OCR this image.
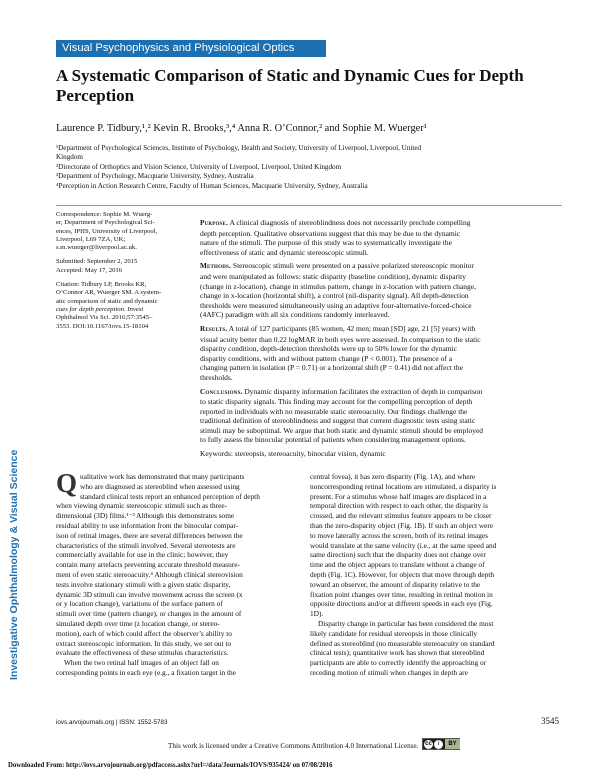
Visual Psychophysics and Physiological Optics
A Systematic Comparison of Static and Dynamic Cues for Depth Perception
Laurence P. Tidbury,¹,² Kevin R. Brooks,³,⁴ Anna R. O’Connor,² and Sophie M. Wuerger¹
¹Department of Psychological Sciences, Institute of Psychology, Health and Society, University of Liverpool, Liverpool, United
Kingdom
²Directorate of Orthoptics and Vision Science, University of Liverpool, Liverpool, United Kingdom
³Department of Psychology, Macquarie University, Sydney, Australia
⁴Perception in Action Research Centre, Faculty of Human Sciences, Macquarie University, Sydney, Australia
Correspondence: Sophie M. Wuerg-
er, Department of Psychological Sci-
ences, IPHS, University of Liverpool,
Liverpool, L69 7ZA, UK;
s.m.wuerger@liverpool.ac.uk.
Submitted: September 2, 2015
Accepted: May 17, 2016
Citation: Tidbury LP, Brooks KR,
O’Connor AR, Wuerger SM. A system-
atic comparison of static and dynamic
cues for depth perception. Invest
Ophthalmol Vis Sci. 2016;57:3545–
3553. DOI:10.1167/iovs.15-18104

Purpose. A clinical diagnosis of stereoblindness does not necessarily preclude compelling
depth perception. Qualitative observations suggest that this may be due to the dynamic
nature of the stimuli. The purpose of this study was to systematically investigate the
effectiveness of static and dynamic stereoscopic stimuli.

Methods. Stereoscopic stimuli were presented on a passive polarized stereoscopic monitor
and were manipulated as follows: static disparity (baseline condition), dynamic disparity
(change in z-location), change in stimulus pattern, change in z-location with pattern change,
change in x-location (horizontal shift), a control (nil-disparity signal). All depth-detection
thresholds were measured simultaneously using an adaptive four-alternative-forced-choice
(4AFC) paradigm with all six conditions randomly interleaved.

Results. A total of 127 participants (85 women, 42 men; mean [SD] age, 21 [5] years) with
visual acuity better than 0.22 logMAR in both eyes were assessed. In comparison to the static
disparity condition, depth-detection thresholds were up to 50% lower for the dynamic
disparity conditions, with and without pattern change (P < 0.001). The presence of a
changing pattern in isolation (P = 0.71) or a horizontal shift (P = 0.41) did not affect the
thresholds.

Conclusions. Dynamic disparity information facilitates the extraction of depth in comparison
to static disparity signals. This finding may account for the compelling perception of depth
reported in individuals with no measurable static stereoacuity. Our findings challenge the
traditional definition of stereoblindness and suggest that current diagnostic tests using static
stimuli may be suboptimal. We argue that both static and dynamic stimuli should be employed
to fully assess the binocular potential of patients when considering management options.

Keywords: stereopsis, stereoacuity, binocular vision, dynamic

Investigative Ophthalmology & Visual Science Q ualitative work has demonstrated that many participants
who are diagnosed as stereoblind when assessed using
standard clinical tests report an enhanced perception of depth
when viewing dynamic stereoscopic stimuli such as three-
dimensional (3D) films.¹⁻³ Although this demonstrates some
residual ability to use information from the binocular compar-
ison of retinal images, there are several differences between the
characteristics of the stimuli involved. Several stereotests are
commercially available for use in the clinic; however, they
contain many artefacts preventing accurate threshold measure-
ment of even static stereoacuity.⁴ Although clinical stereovision
tests involve stationary stimuli with a given static disparity,
dynamic 3D stimuli can involve movement across the screen (x
or y location change), variations of the surface pattern of
stimuli over time (pattern change), or changes in the amount of
simulated depth over time (z location change, or stereo-
motion), each of which could affect the observer’s ability to
extract stereoscopic information. In this study, we set out to
evaluate the effectiveness of these stimulus characteristics.
When the two retinal half images of an object fall on
corresponding points in each eye (e.g., a fixation target in the
central fovea), it has zero disparity (Fig. 1A), and where
noncorresponding retinal locations are stimulated, a disparity is
present. For a stimulus whose half images are displaced in a
temporal direction with respect to each other, the disparity is
crossed, and the relevant stimulus feature appears to be closer
than the zero-disparity object (Fig. 1B). If such an object were
to move laterally across the screen, both of its retinal images
would translate at the same velocity (i.e., at the same speed and
same direction) such that the disparity does not change over
time and the object appears to translate without a change of
depth (Fig. 1C). However, for objects that move through depth
toward an observer, the amount of disparity relative to the
fixation point changes over time, resulting in retinal motion in
opposite directions and/or at different speeds in each eye (Fig.
1D).
Disparity change in particular has been considered the most
likely candidate for residual stereopsis in those clinically
defined as stereoblind (no measurable stereoacuity on standard
clinical tests); quantitative work has shown that stereoblind
participants are able to correctly identify the approaching or
receding motion of stimuli when changes in depth are
iovs.arvojournals.org | ISSN: 1552-5783	3545
This work is licensed under a Creative Commons Attribution 4.0 International License. cc i	BY
Downloaded From: http://iovs.arvojournals.org/pdfaccess.ashx?url=/data/Journals/IOVS/935424/ on 07/08/2016
